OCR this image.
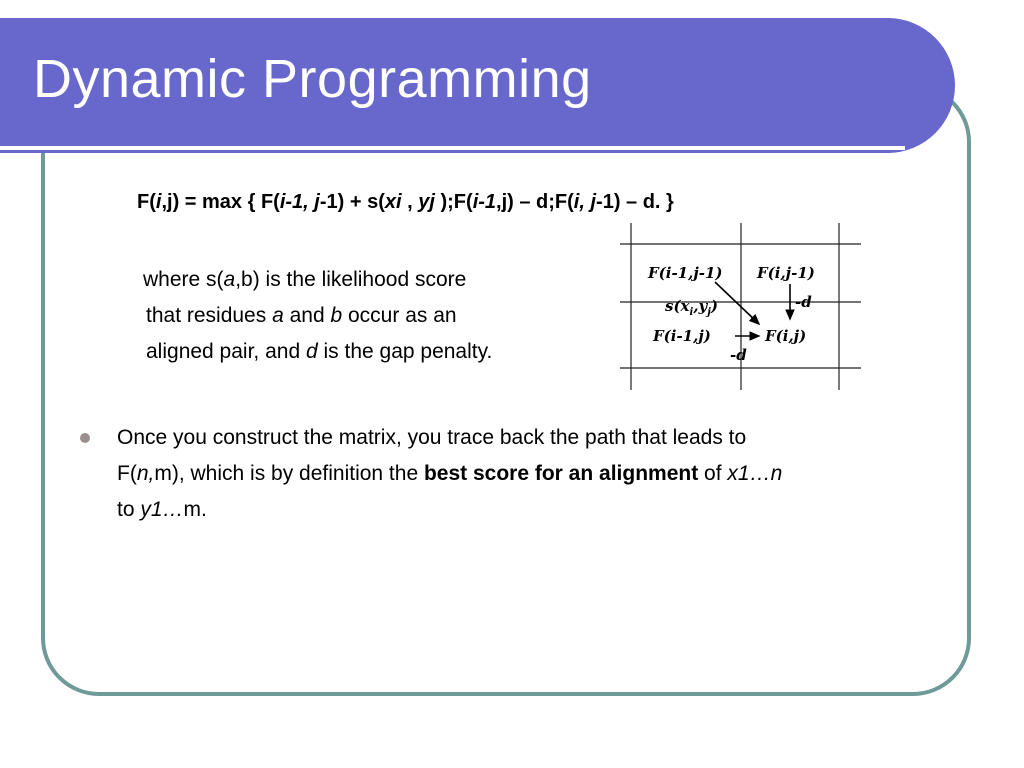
Dynamic Programming
F(i,j) = max { F(i-1, j-1) + s(xi , yj );F(i-1,j) – d;F(i, j-1) – d. }
where s(a,b) is the likelihood score
that residues a and b occur as an
aligned pair, and d is the gap penalty.
F(i-1,j-1) F(i,j-1)
$s(x_i,y_j)$	-d
F(i-1,j)	F(i,j)
-d
Once you construct the matrix, you trace back the path that leads to
F(n,m), which is by definition the best score for an alignment of x1…n
to y1…m.
